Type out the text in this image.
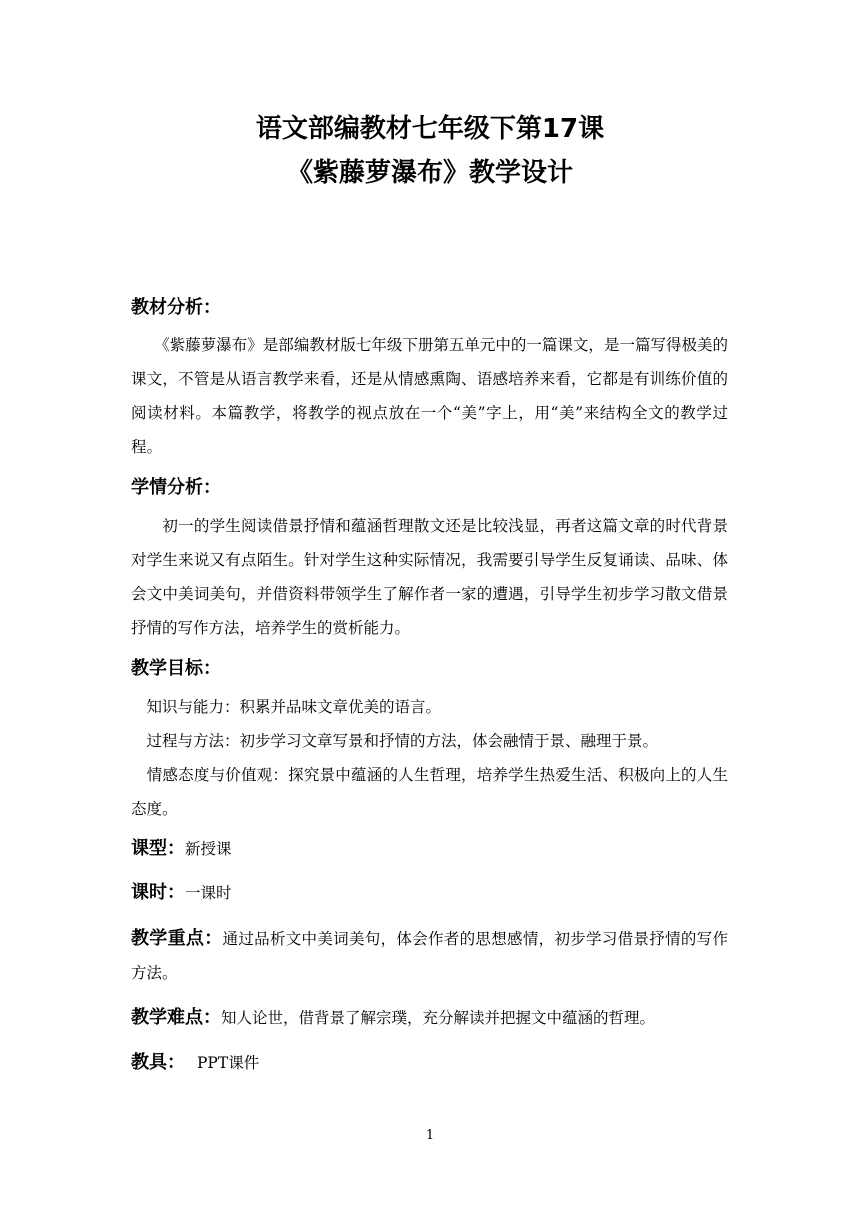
语文部编教材七年级下第17课
《紫藤萝瀑布》教学设计
教材分析：
　　《紫藤萝瀑布》是部编教材版七年级下册第五单元中的一篇课文，是一篇写得极美的课文，不管是从语言教学来看，还是从情感熏陶、语感培养来看，它都是有训练价值的阅读材料。本篇教学，将教学的视点放在一个“美”字上，用“美”来结构全文的教学过程。
学情分析：
　　初一的学生阅读借景抒情和蕴涵哲理散文还是比较浅显，再者这篇文章的时代背景对学生来说又有点陌生。针对学生这种实际情况，我需要引导学生反复诵读、品味、体会文中美词美句，并借资料带领学生了解作者一家的遭遇，引导学生初步学习散文借景抒情的写作方法，培养学生的赏析能力。
教学目标：
　知识与能力：积累并品味文章优美的语言。
　过程与方法：初步学习文章写景和抒情的方法，体会融情于景、融理于景。
　情感态度与价值观：探究景中蕴涵的人生哲理，培养学生热爱生活、积极向上的人生态度。
课型：新授课
课时：一课时
教学重点：通过品析文中美词美句，体会作者的思想感情，初步学习借景抒情的写作方法。
教学难点：知人论世，借背景了解宗璞，充分解读并把握文中蕴涵的哲理。
教具： PPT课件
1
